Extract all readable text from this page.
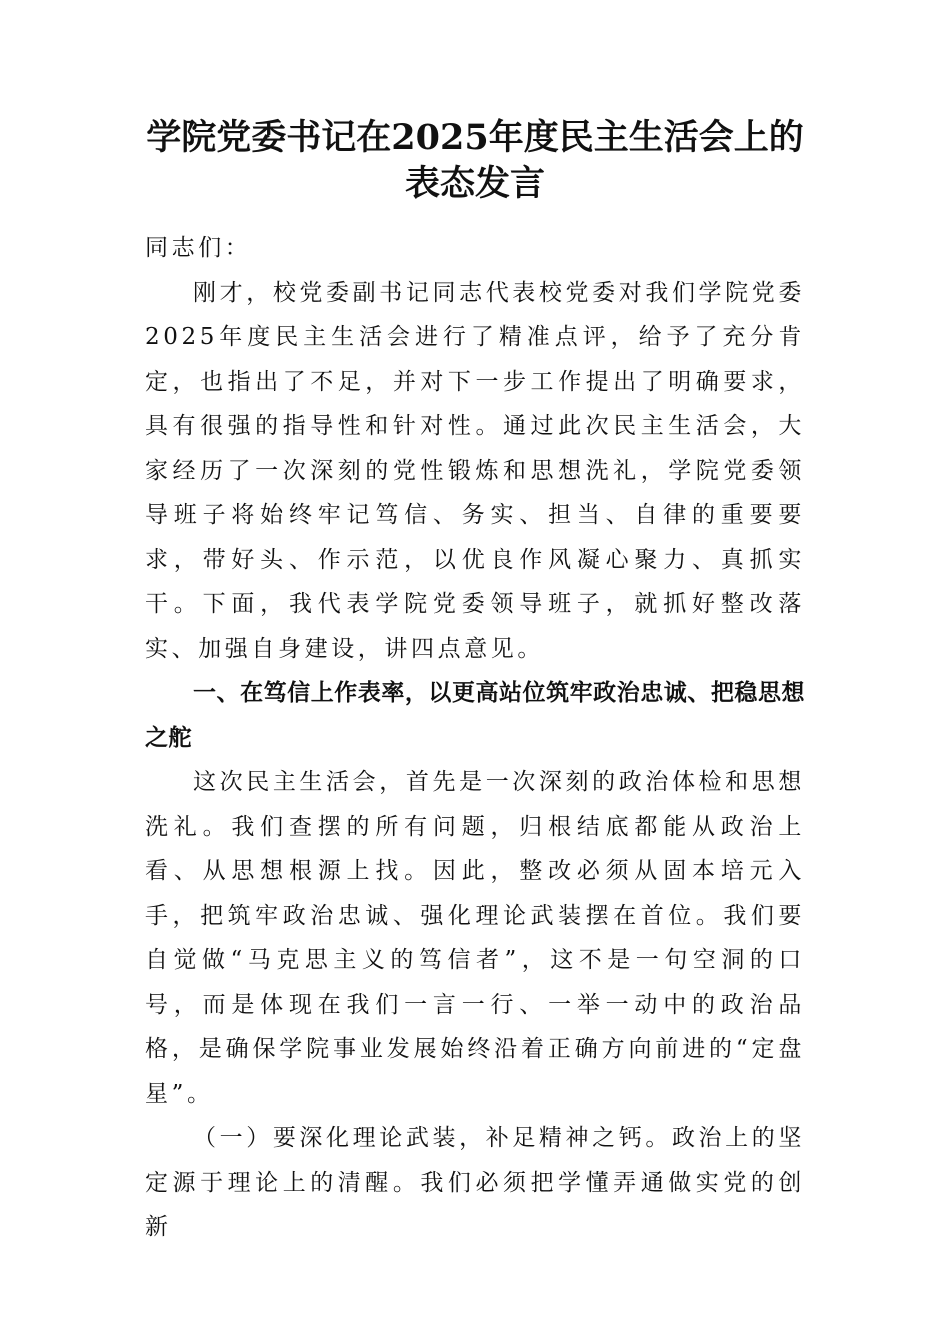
学院党委书记在2025年度民主生活会上的
表态发言

同志们：

刚才，校党委副书记同志代表校党委对我们学院党委2025年度民主生活会进行了精准点评，给予了充分肯定，也指出了不足，并对下一步工作提出了明确要求，具有很强的指导性和针对性。通过此次民主生活会，大家经历了一次深刻的党性锻炼和思想洗礼，学院党委领导班子将始终牢记笃信、务实、担当、自律的重要要求，带好头、作示范，以优良作风凝心聚力、真抓实干。下面，我代表学院党委领导班子，就抓好整改落实、加强自身建设，讲四点意见。

一、在笃信上作表率，以更高站位筑牢政治忠诚、把稳思想之舵

这次民主生活会，首先是一次深刻的政治体检和思想洗礼。我们查摆的所有问题，归根结底都能从政治上看、从思想根源上找。因此，整改必须从固本培元入手，把筑牢政治忠诚、强化理论武装摆在首位。我们要自觉做“马克思主义的笃信者”，这不是一句空洞的口号，而是体现在我们一言一行、一举一动中的政治品格，是确保学院事业发展始终沿着正确方向前进的“定盘星”。

（一）要深化理论武装，补足精神之钙。政治上的坚定源于理论上的清醒。我们必须把学懂弄通做实党的创新
